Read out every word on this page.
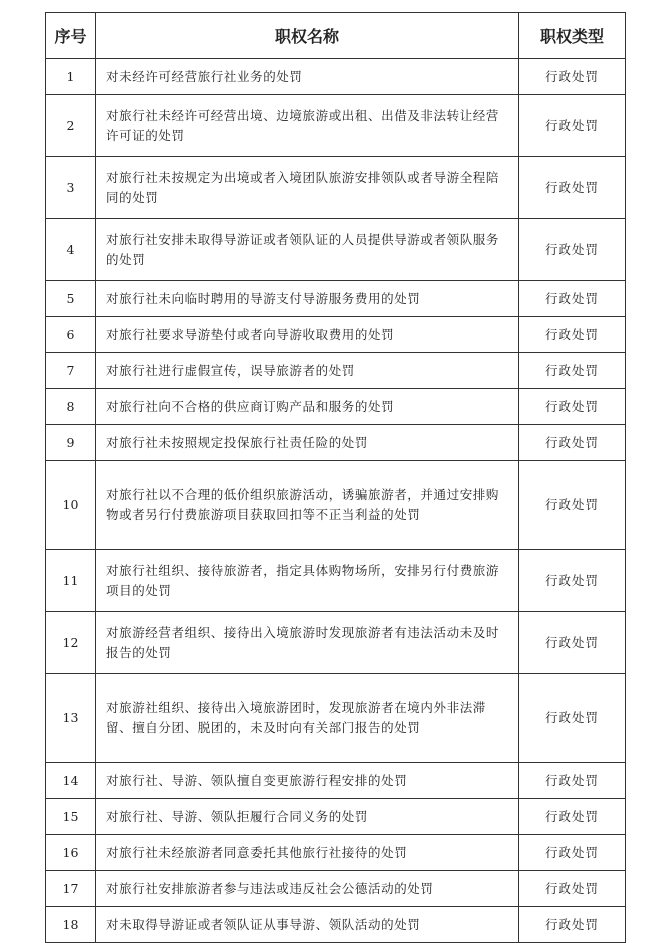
序号	职权名称	职权类型
1	对未经许可经营旅行社业务的处罚	行政处罚
2	对旅行社未经许可经营出境、边境旅游或出租、出借及非法转让经营许可证的处罚	行政处罚
3	对旅行社未按规定为出境或者入境团队旅游安排领队或者导游全程陪同的处罚	行政处罚
4	对旅行社安排未取得导游证或者领队证的人员提供导游或者领队服务的处罚	行政处罚
5	对旅行社未向临时聘用的导游支付导游服务费用的处罚	行政处罚
6	对旅行社要求导游垫付或者向导游收取费用的处罚	行政处罚
7	对旅行社进行虚假宣传，误导旅游者的处罚	行政处罚
8	对旅行社向不合格的供应商订购产品和服务的处罚	行政处罚
9	对旅行社未按照规定投保旅行社责任险的处罚	行政处罚
10	对旅行社以不合理的低价组织旅游活动，诱骗旅游者，并通过安排购物或者另行付费旅游项目获取回扣等不正当利益的处罚	行政处罚
11	对旅行社组织、接待旅游者，指定具体购物场所，安排另行付费旅游项目的处罚	行政处罚
12	对旅游经营者组织、接待出入境旅游时发现旅游者有违法活动未及时报告的处罚	行政处罚
13	对旅游社组织、接待出入境旅游团时，发现旅游者在境内外非法滞留、擅自分团、脱团的，未及时向有关部门报告的处罚	行政处罚
14	对旅行社、导游、领队擅自变更旅游行程安排的处罚	行政处罚
15	对旅行社、导游、领队拒履行合同义务的处罚	行政处罚
16	对旅行社未经旅游者同意委托其他旅行社接待的处罚	行政处罚
17	对旅行社安排旅游者参与违法或违反社会公德活动的处罚	行政处罚
18	对未取得导游证或者领队证从事导游、领队活动的处罚	行政处罚
